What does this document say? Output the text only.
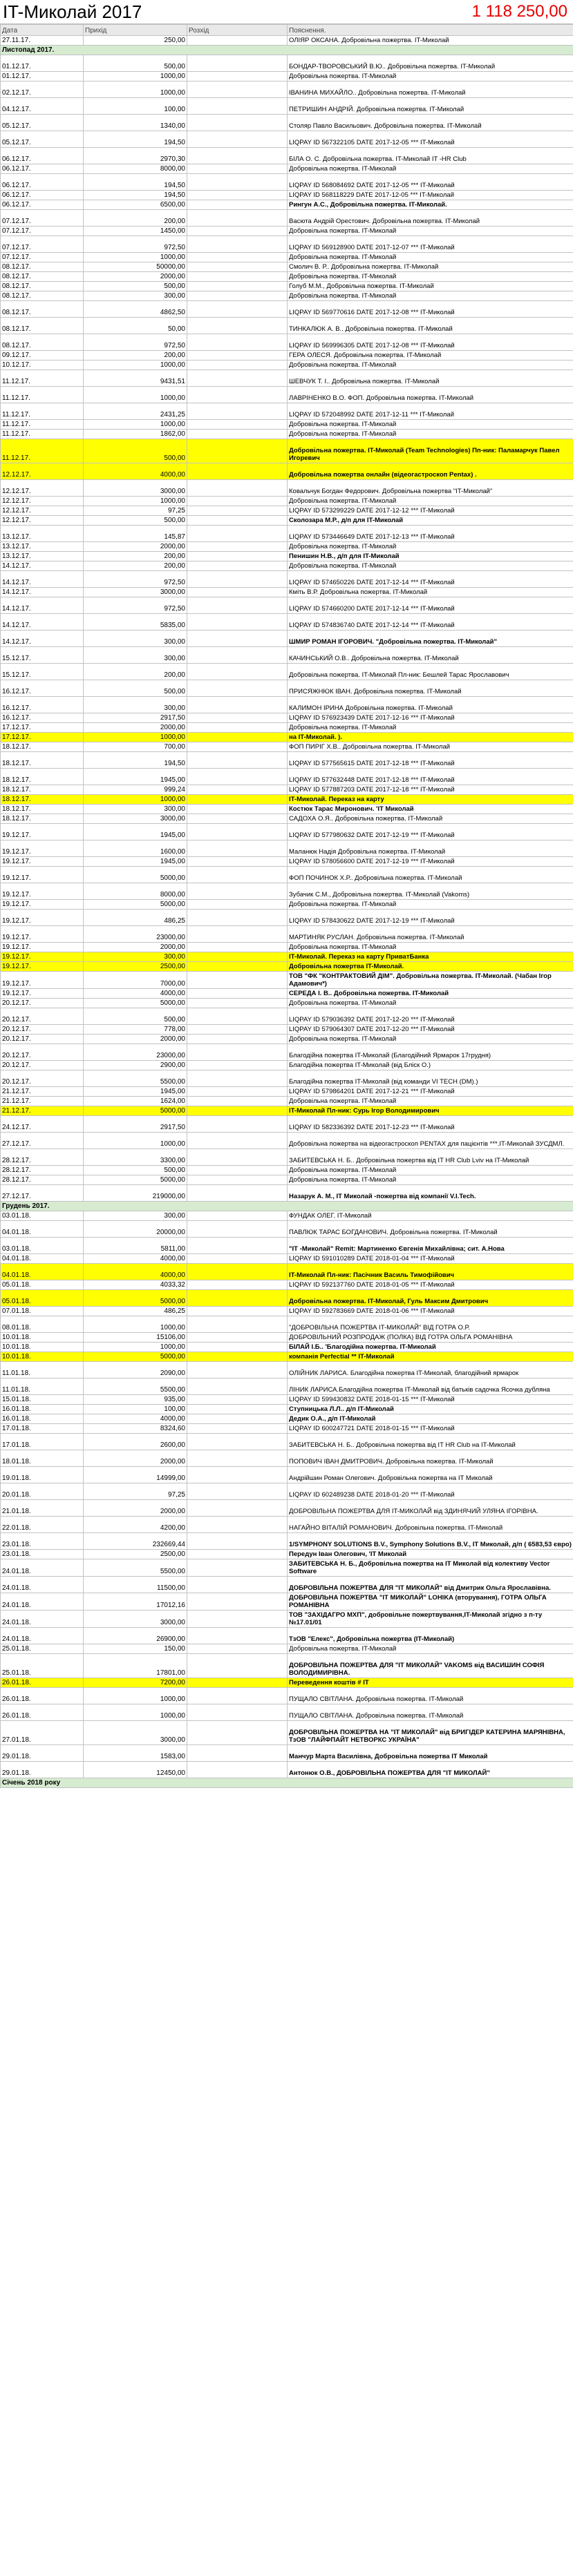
IT-Миколай 2017	1 118 250,00
Дата	Прихід	Розхід	Пояснення.
27.11.17.	250,00		ОЛІЯР ОКСАНА. Добровільна пожертва. IT-Миколай
Листопад 2017.			
01.12.17.	500,00		БОНДАР-ТВОРОВСЬКИЙ В.Ю.. Добровільна пожертва. IT-Миколай
01.12.17.	1000,00		Добровільна пожертва. IT-Миколай
02.12.17.	1000,00		ІВАНИНА МИХАЙЛО.. Добровільна пожертва. IT-Миколай
04.12.17.	100,00		ПЕТРИШИН АНДРІЙ. Добровільна пожертва. IT-Миколай
05.12.17.	1340,00		Столяр Павло Васильович. Добровільна пожертва. IT-Миколай
05.12.17.	194,50		LIQPAY ID 567322105 DATE 2017-12-05 *** IT-Миколай
06.12.17.	2970,30		БІЛА О. С. Добровільна пожертва. IT-Миколай IT -HR Club
06.12.17.	8000,00		Добровільна пожертва. IT-Миколай
06.12.17.	194,50		LIQPAY ID 568084692 DATE 2017-12-05 *** IT-Миколай
06.12.17.	194,50		LIQPAY ID 568118229 DATE 2017-12-05 *** IT-Миколай
06.12.17.	6500,00		Рингун А.С., Добровільна пожертва. IT-Миколай.
07.12.17.	200,00		Васюта Андрій Орестович. Добровільна пожертва. IT-Миколай
07.12.17.	1450,00		Добровільна пожертва. IT-Миколай
07.12.17.	972,50		LIQPAY ID 569128900 DATE 2017-12-07 *** IT-Миколай
07.12.17.	1000,00		Добровільна пожертва. IT-Миколай
08.12.17.	50000,00		Смолич В. Р.. Добровільна пожертва. IT-Миколай
08.12.17.	2000,00		Добровільна пожертва. IT-Миколай
08.12.17.	500,00		Голуб М.М., Добровільна пожертва. IT-Миколай
08.12.17.	300,00		Добровільна пожертва. IT-Миколай
08.12.17.	4862,50		LIQPAY ID 569770616 DATE 2017-12-08 *** IT-Миколай
08.12.17.	50,00		ТИНКАЛЮК А. В.. Добровільна пожертва. IT-Миколай
08.12.17.	972,50		LIQPAY ID 569996305 DATE 2017-12-08 *** IT-Миколай
09.12.17.	200,00		ГЕРА ОЛЕСЯ. Добровільна пожертва. IT-Миколай
10.12.17.	1000,00		Добровільна пожертва. IT-Миколай
11.12.17.	9431,51		ШЕВЧУК Т. І.. Добровільна пожертва. IT-Миколай
11.12.17.	1000,00		ЛАВРІНЕНКО В.О. ФОП. Добровільна пожертва. IT-Миколай
11.12.17.	2431,25		LIQPAY ID 572048992 DATE 2017-12-11 *** IT-Миколай
11.12.17.	1000,00		Добровільна пожертва. IT-Миколай
11.12.17.	1862,00		Добровільна пожертва. IT-Миколай
11.12.17.	500,00		Добровільна пожертва. IT-Миколай (Team Technologies) Пп-ник: Паламарчук Павел Игоревич
12.12.17.	4000,00		Добровільна пожертва онлайн (відеогастроскоп Pentax) .
12.12.17.	3000,00		Ковальчук Богдан Федорович. Добровільна пожертва "IT-Миколай"
12.12.17.	1000,00		Добровільна пожертва. IT-Миколай
12.12.17.	97,25		LIQPAY ID 573299229 DATE 2017-12-12 *** IT-Миколай
12.12.17.	500,00		Сколозара М.Р., д/п для IT-Миколай
13.12.17.	145,87		LIQPAY ID 573446649 DATE 2017-12-13 *** IT-Миколай
13.12.17.	2000,00		Добровільна пожертва. IT-Миколай
13.12.17.	200,00		Пенишин Н.В., д/п для IT-Миколай
14.12.17.	200,00		Добровільна пожертва. IT-Миколай
14.12.17.	972,50		LIQPAY ID 574650226 DATE 2017-12-14 *** IT-Миколай
14.12.17.	3000,00		Кміть В.Р. Добровільна пожертва. IT-Миколай
14.12.17.	972,50		LIQPAY ID 574660200 DATE 2017-12-14 *** IT-Миколай
14.12.17.	5835,00		LIQPAY ID 574836740 DATE 2017-12-14 *** IT-Миколай
14.12.17.	300,00		ШМИР РОМАН ІГОРОВИЧ. "Добровільна пожертва. IT-Миколай"
15.12.17.	300,00		КАЧИНСЬКИЙ О.В.. Добровільна пожертва. IT-Миколай
15.12.17.	200,00		Добровільна пожертва. IT-Миколай Пл-ник: Бешлей Тарас Ярославович
16.12.17.	500,00		ПРИСЯЖНЮК ІВАН. Добровільна пожертва. IT-Миколай
16.12.17.	300,00		КАЛИМОН ІРИНА Добровільна пожертва. IT-Миколай
16.12.17.	2917,50		LIQPAY ID 576923439 DATE 2017-12-16 *** IT-Миколай
17.12.17.	2000,00		Добровільна пожертва. IT-Миколай
17.12.17.	1000,00		на IT-Миколай. ).
18.12.17.	700,00		ФОП ПИРІГ Х.В.. Добровільна пожертва. IT-Миколай
18.12.17.	194,50		LIQPAY ID 577565615 DATE 2017-12-18 *** IT-Миколай
18.12.17.	1945,00		LIQPAY ID 577632448 DATE 2017-12-18 *** IT-Миколай
18.12.17.	999,24		LIQPAY ID 577887203 DATE 2017-12-18 *** IT-Миколай
18.12.17.	1000,00		IT-Миколай. Переказ на карту
18.12.17.	300,00		Костюк Тарас Миронович. 'IT Миколай
18.12.17.	3000,00		САДОХА О.Я.. Добровільна пожертва. IT-Миколай
19.12.17.	1945,00		LIQPAY ID 577980632 DATE 2017-12-19 *** IT-Миколай
19.12.17.	1600,00		Маланюк Надія Добровільна пожертва. IT-Миколай
19.12.17.	1945,00		LIQPAY ID 578056600 DATE 2017-12-19 *** IT-Миколай
19.12.17.	5000,00		ФОП ПОЧИНОК Х.Р.. Добровільна пожертва. IT-Миколай
19.12.17.	8000,00		Зубачик С.М., Добровільна пожертва. IT-Миколай (Vakoms)
19.12.17.	5000,00		Добровільна пожертва. IT-Миколай
19.12.17.	486,25		LIQPAY ID 578430622 DATE 2017-12-19 *** IT-Миколай
19.12.17.	23000,00		МАРТИНЯК РУСЛАН. Добровільна пожертва. IT-Миколай
19.12.17.	2000,00		Добровільна пожертва. IT-Миколай
19.12.17.	300,00		IT-Миколай. Переказ на карту ПриватБанка
19.12.17.	2500,00		Добровільна пожертва IT-Миколай.
19.12.17.	7000,00		ТОВ "ФК "КОНТРАКТОВИЙ ДІМ". Добровільна пожертва. IT-Миколай. (Чабан Ігор Адамович*)
19.12.17.	4000,00		СЕРЕДА І. В.. Добровільна пожертва. IT-Миколай
20.12.17.	5000,00		Добровільна пожертва. IT-Миколай
20.12.17.	500,00		LIQPAY ID 579036392 DATE 2017-12-20 *** IT-Миколай
20.12.17.	778,00		LIQPAY ID 579064307 DATE 2017-12-20 *** IT-Миколай
20.12.17.	2000,00		Добровільна пожертва. IT-Миколай
20.12.17.	23000,00		Благодійна пожертва IT-Миколай (Благодійний Ярмарок 17грудня)
20.12.17.	2900,00		Благодійна пожертва IT-Миколай (від Бліск О.)
20.12.17.	5500,00		Благодійна пожертва IT-Миколай (від команди VI TECH (DM).)
21.12.17.	1945,00		LIQPAY ID 579864201 DATE 2017-12-21 *** IT-Миколай
21.12.17.	1624,00		Добровільна пожертва. IT-Миколай
21.12.17.	5000,00		IT-Миколай Пл-ник: Сурь Ігор Володимирович
24.12.17.	2917,50		LIQPAY ID 582336392 DATE 2017-12-23 *** IT-Миколай
27.12.17.	1000,00		Добровільна пожертва на відеогастроскоп PENTAX для пацієнтів ***.IT-Миколай ЗУСДМЛ.
28.12.17.	3300,00		ЗАБИТЕВСЬКА Н. Б.. Добровільна пожертва від IT HR Club Lviv на IT-Миколай
28.12.17.	500,00		Добровільна пожертва. IT-Миколай
28.12.17.	5000,00		Добровільна пожертва. IT-Миколай
27.12.17.	219000,00		Назарук А. М., IT Миколай -пожертва від компанії V.I.Tech.
Грудень 2017.			
03.01.18.	300,00		ФУНДАК ОЛЕГ. IT-Миколай
04.01.18.	20000,00		ПАВЛЮК ТАРАС БОГДАНОВИЧ. Добровільна пожертва. IT-Миколай
03.01.18.	5811,00		"IT -Миколай" Remit: Мартиненко Євгенія Михайлівна; сит. А.Нова
04.01.18.	4000,00		LIQPAY ID 591010289 DATE 2018-01-04 *** IT-Миколай
04.01.18.	4000,00		IT-Миколай Пл-ник: Пасічник Василь Тимофійович
05.01.18.	4033,32		LIQPAY ID 592137760 DATE 2018-01-05 *** IT-Миколай
05.01.18.	5000,00		Добровільна пожертва. IT-Миколай, Гуль Максим Дмитрович
07.01.18.	486,25		LIQPAY ID 592783669 DATE 2018-01-06 *** IT-Миколай
08.01.18.	1000,00		"ДОБРОВІЛЬНА ПОЖЕРТВА IT-МИКОЛАЙ" ВІД ГОТРА О.Р.
10.01.18.	15106,00		ДОБРОВІЛЬНИЙ РОЗПРОДАЖ (ПОЛКА) ВІД ГОТРА ОЛЬГА РОМАНІВНА
10.01.18.	1000,00		БІЛАЙ І.Б.. 'Благодійна пожертва. IT-Миколай
10.01.18.	5000,00		компанія Perfectial ** IT-Миколай
11.01.18.	2090,00		ОЛІЙНИК ЛАРИСА. Благодійна пожертва IT-Миколай, благодійний ярмарок
11.01.18.	5500,00		ЛІНИК ЛАРИСА.Благодійна пожертва IT-Миколай від батьків садочка Ясочка дубляна
15.01.18.	935,00		LIQPAY ID 599430832 DATE 2018-01-15 *** IT-Миколай
16.01.18.	100,00		Ступницька Л.Л.. д/п IT-Миколай
16.01.18.	4000,00		Дедик О.А., д/п IT-Миколай
17.01.18.	8324,60		LIQPAY ID 600247721 DATE 2018-01-15 *** IT-Миколай
17.01.18.	2600,00		ЗАБИТЕВСЬКА Н. Б.. Добровільна пожертва від IT HR Club на IT-Миколай
18.01.18.	2000,00		ПОПОВИЧ ІВАН ДМИТРОВИЧ. Добровільна пожертва. IT-Миколай
19.01.18.	14999,00		Андрійшин Роман Олегович. Добровільна пожертва на ІТ Миколай
20.01.18.	97,25		LIQPAY ID 602489238 DATE 2018-01-20 *** IT-Миколай
21.01.18.	2000,00		ДОБРОВІЛЬНА ПОЖЕРТВА ДЛЯ IT-МИКОЛАЙ від ЗДИНЯЧИЙ УЛЯНА ІГОРІВНА.
22.01.18.	4200,00		НАГАЙНО ВІТАЛІЙ РОМАНОВИЧ. Добровільна пожертва. IT-Миколай
23.01.18.	232669,44		1/SYMPHONY SOLUTIONS B.V., Symphony Solutions B.V., IT Миколай, д/п ( 6583,53 євро)
23.01.18.	2500,00		Передун Іван Олегович, 'IT Миколай
24.01.18.	5500,00		ЗАБИТЕВСЬКА Н. Б., Добровільна пожертва на IT Миколай від колективу Vector Software
24.01.18.	11500,00		ДОБРОВІЛЬНА ПОЖЕРТВА ДЛЯ "IT МИКОЛАЙ" від Дмитрик Ольга Ярославівна.
24.01.18.	17012,16		ДОБРОВІЛЬНА ПОЖЕРТВА "IT МИКОЛАЙ" LOHIKA (вторування), ГОТРА ОЛЬГА РОМАНІВНА
24.01.18.	3000,00		ТОВ "ЗАХІДАГРО МХП", добровільне пожертвування,IT-Миколай згідно з п-ту №17.01/01
24.01.18.	26900,00		ТзОВ "Елекс", Добровільна пожертва (IT-Миколай)
25.01.18.	150,00		Добровільна пожертва. IT-Миколай
25.01.18.	17801,00		ДОБРОВІЛЬНА ПОЖЕРТВА ДЛЯ "IT МИКОЛАЙ" VAKOMS від ВАСИШИН СОФІЯ ВОЛОДИМИРІВНА.
26.01.18.	7200,00		Переведення коштів # IT
26.01.18.	1000,00		ПУЩАЛО СВІТЛАНА. Добровільна пожертва. IT-Миколай
26.01.18.	1000,00		ПУЩАЛО СВІТЛАНА. Добровільна пожертва. IT-Миколай
27.01.18.	3000,00		ДОБРОВІЛЬНА ПОЖЕРТВА НА "IT МИКОЛАЙ" від БРИГІДЕР КАТЕРИНА МАРЯНІВНА, ТзОВ "ЛАЙФПАЙТ НЕТВОРКС УКРАЇНА"
29.01.18.	1583,00		Манчур Марта Василівна, Добровільна пожертва IT Миколай
29.01.18.	12450,00		Антонюк О.В., ДОБРОВІЛЬНА ПОЖЕРТВА ДЛЯ "IT МИКОЛАЙ"
Січень 2018 року			
